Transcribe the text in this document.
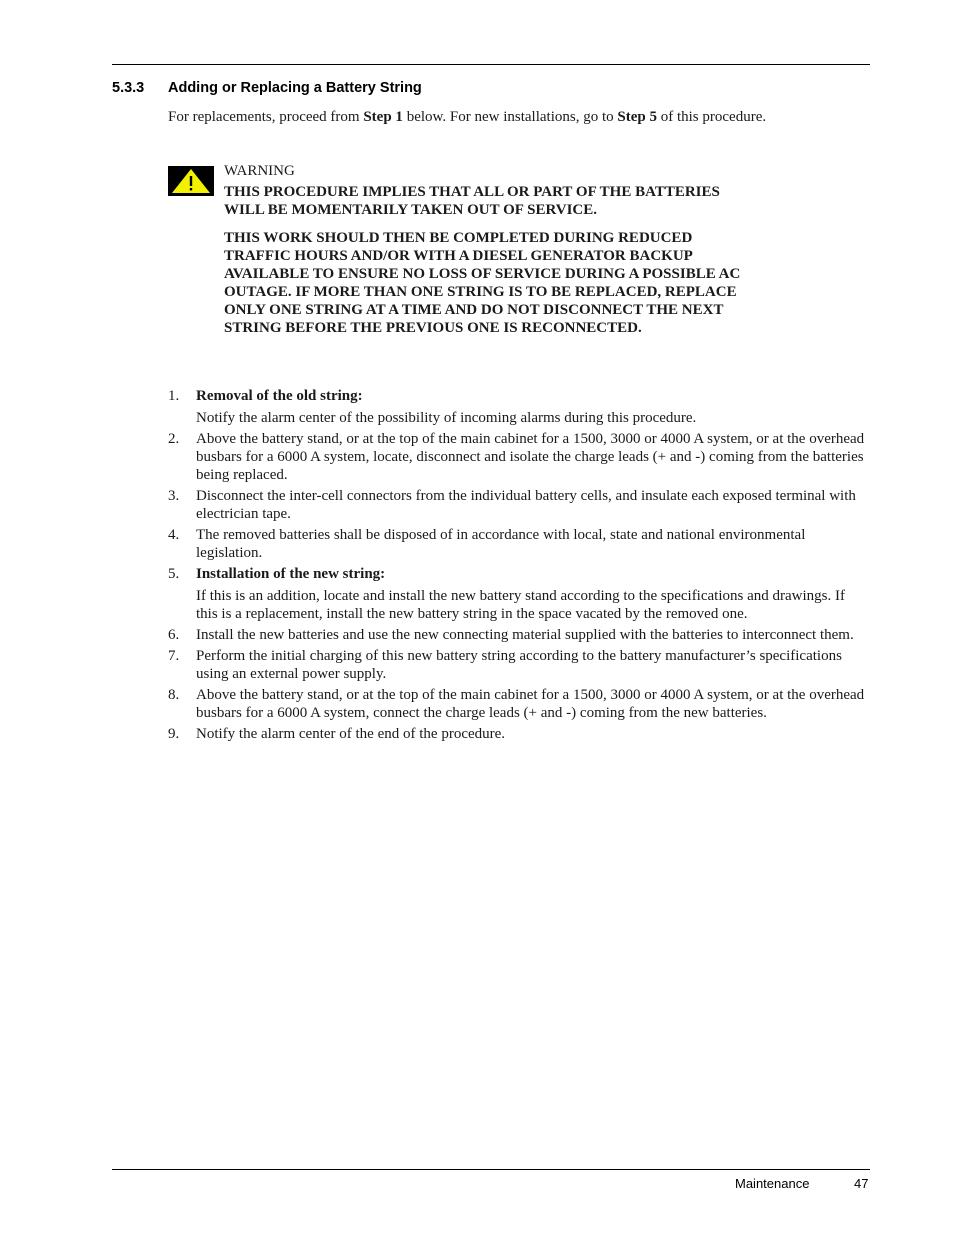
5.3.3 Adding or Replacing a Battery String
For replacements, proceed from Step 1 below. For new installations, go to Step 5 of this procedure.
WARNING

THIS PROCEDURE IMPLIES THAT ALL OR PART OF THE BATTERIES WILL BE MOMENTARILY TAKEN OUT OF SERVICE.

THIS WORK SHOULD THEN BE COMPLETED DURING REDUCED TRAFFIC HOURS AND/OR WITH A DIESEL GENERATOR BACKUP AVAILABLE TO ENSURE NO LOSS OF SERVICE DURING A POSSIBLE AC OUTAGE. IF MORE THAN ONE STRING IS TO BE REPLACED, REPLACE ONLY ONE STRING AT A TIME AND DO NOT DISCONNECT THE NEXT STRING BEFORE THE PREVIOUS ONE IS RECONNECTED.

1. Removal of the old string:
Notify the alarm center of the possibility of incoming alarms during this procedure.
2. Above the battery stand, or at the top of the main cabinet for a 1500, 3000 or 4000 A system, or at the overhead busbars for a 6000 A system, locate, disconnect and isolate the charge leads (+ and -) coming from the batteries being replaced.
3. Disconnect the inter-cell connectors from the individual battery cells, and insulate each exposed terminal with electrician tape.
4. The removed batteries shall be disposed of in accordance with local, state and national environmental legislation.
5. Installation of the new string:
If this is an addition, locate and install the new battery stand according to the specifications and drawings. If this is a replacement, install the new battery string in the space vacated by the removed one.
6. Install the new batteries and use the new connecting material supplied with the batteries to interconnect them.
7. Perform the initial charging of this new battery string according to the battery manufacturer’s specifications using an external power supply.
8. Above the battery stand, or at the top of the main cabinet for a 1500, 3000 or 4000 A system, or at the overhead busbars for a 6000 A system, connect the charge leads (+ and -) coming from the new batteries.
9. Notify the alarm center of the end of the procedure.
Maintenance	47
